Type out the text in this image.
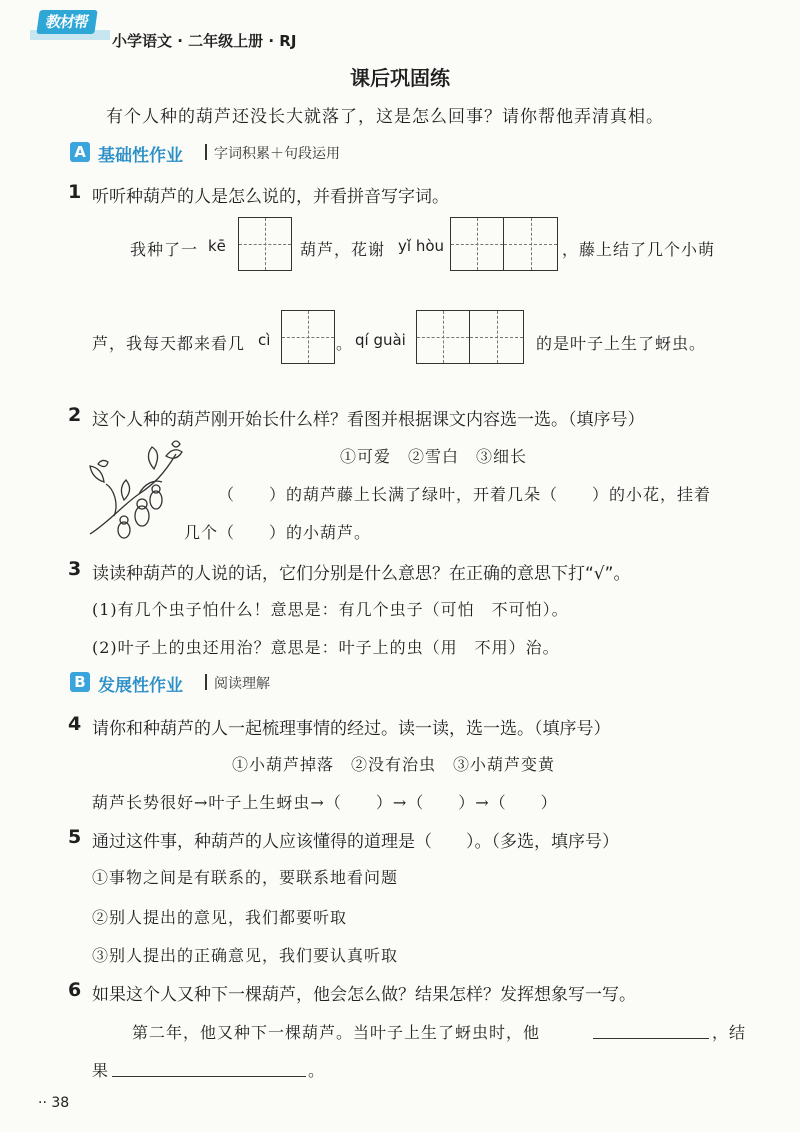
教材帮
小学语文 · 二年级上册 · RJ
课后巩固练
有个人种的葫芦还没长大就落了，这是怎么回事？请你帮他弄清真相。
A 基础性作业 字词积累＋句段运用
1 听听种葫芦的人是怎么说的，并看拼音写字词。
我种了一 kē	葫芦，花谢 yǐ hòu	，藤上结了几个小萌
芦，我每天都来看几 cì	。 qí guài	的是叶子上生了蚜虫。
2 这个人种的葫芦刚开始长什么样？看图并根据课文内容选一选。（填序号）
①可爱　②雪白　③细长
（　　）的葫芦藤上长满了绿叶，开着几朵（　　）的小花，挂着
几个（　　）的小葫芦。
3 读读种葫芦的人说的话，它们分别是什么意思？在正确的意思下打“√”。
(1)有几个虫子怕什么！意思是：有几个虫子（可怕　不可怕）。
(2)叶子上的虫还用治？意思是：叶子上的虫（用　不用）治。
B 发展性作业 阅读理解
4 请你和种葫芦的人一起梳理事情的经过。读一读，选一选。（填序号）
①小葫芦掉落　②没有治虫　③小葫芦变黄
葫芦长势很好→叶子上生蚜虫→（　　）→（　　）→（　　）
5 通过这件事，种葫芦的人应该懂得的道理是（　　）。（多选，填序号）
①事物之间是有联系的，要联系地看问题
②别人提出的意见，我们都要听取
③别人提出的正确意见，我们要认真听取
6 如果这个人又种下一棵葫芦，他会怎么做？结果怎样？发挥想象写一写。
第二年，他又种下一棵葫芦。当叶子上生了蚜虫时，他	，结
果	。
·· 38
